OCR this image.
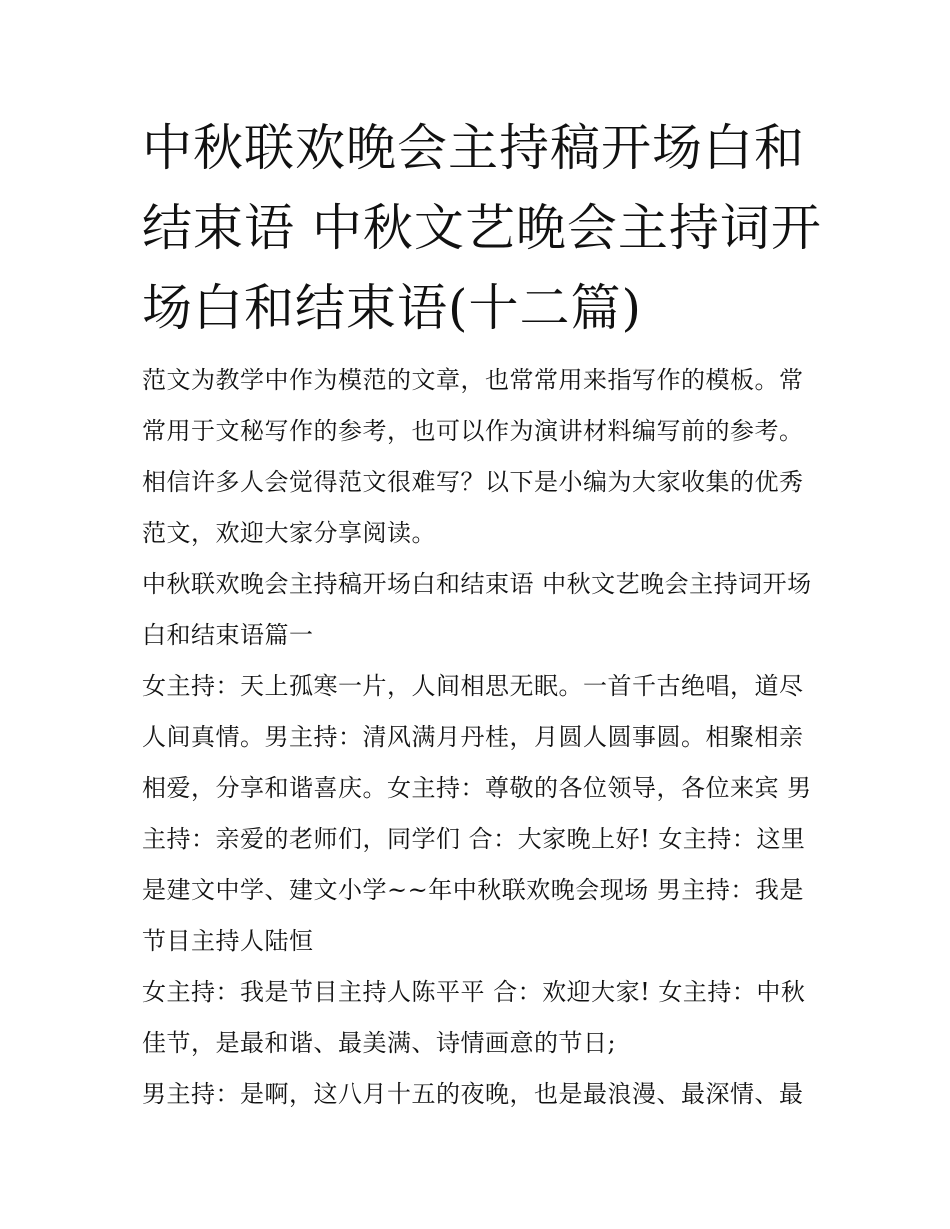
中秋联欢晚会主持稿开场白和结束语 中秋文艺晚会主持词开场白和结束语(十二篇)

范文为教学中作为模范的文章，也常常用来指写作的模板。常常用于文秘写作的参考，也可以作为演讲材料编写前的参考。相信许多人会觉得范文很难写？以下是小编为大家收集的优秀范文，欢迎大家分享阅读。

中秋联欢晚会主持稿开场白和结束语 中秋文艺晚会主持词开场白和结束语篇一

女主持：天上孤寒一片，人间相思无眠。一首千古绝唱，道尽人间真情。男主持：清风满月丹桂，月圆人圆事圆。相聚相亲相爱，分享和谐喜庆。女主持：尊敬的各位领导，各位来宾 男主持：亲爱的老师们，同学们 合：大家晚上好! 女主持：这里是建文中学、建文小学~~年中秋联欢晚会现场 男主持：我是节目主持人陆恒

女主持：我是节目主持人陈平平 合：欢迎大家! 女主持：中秋佳节，是最和谐、最美满、诗情画意的节日;

男主持：是啊，这八月十五的夜晚，也是最浪漫、最深情、最
